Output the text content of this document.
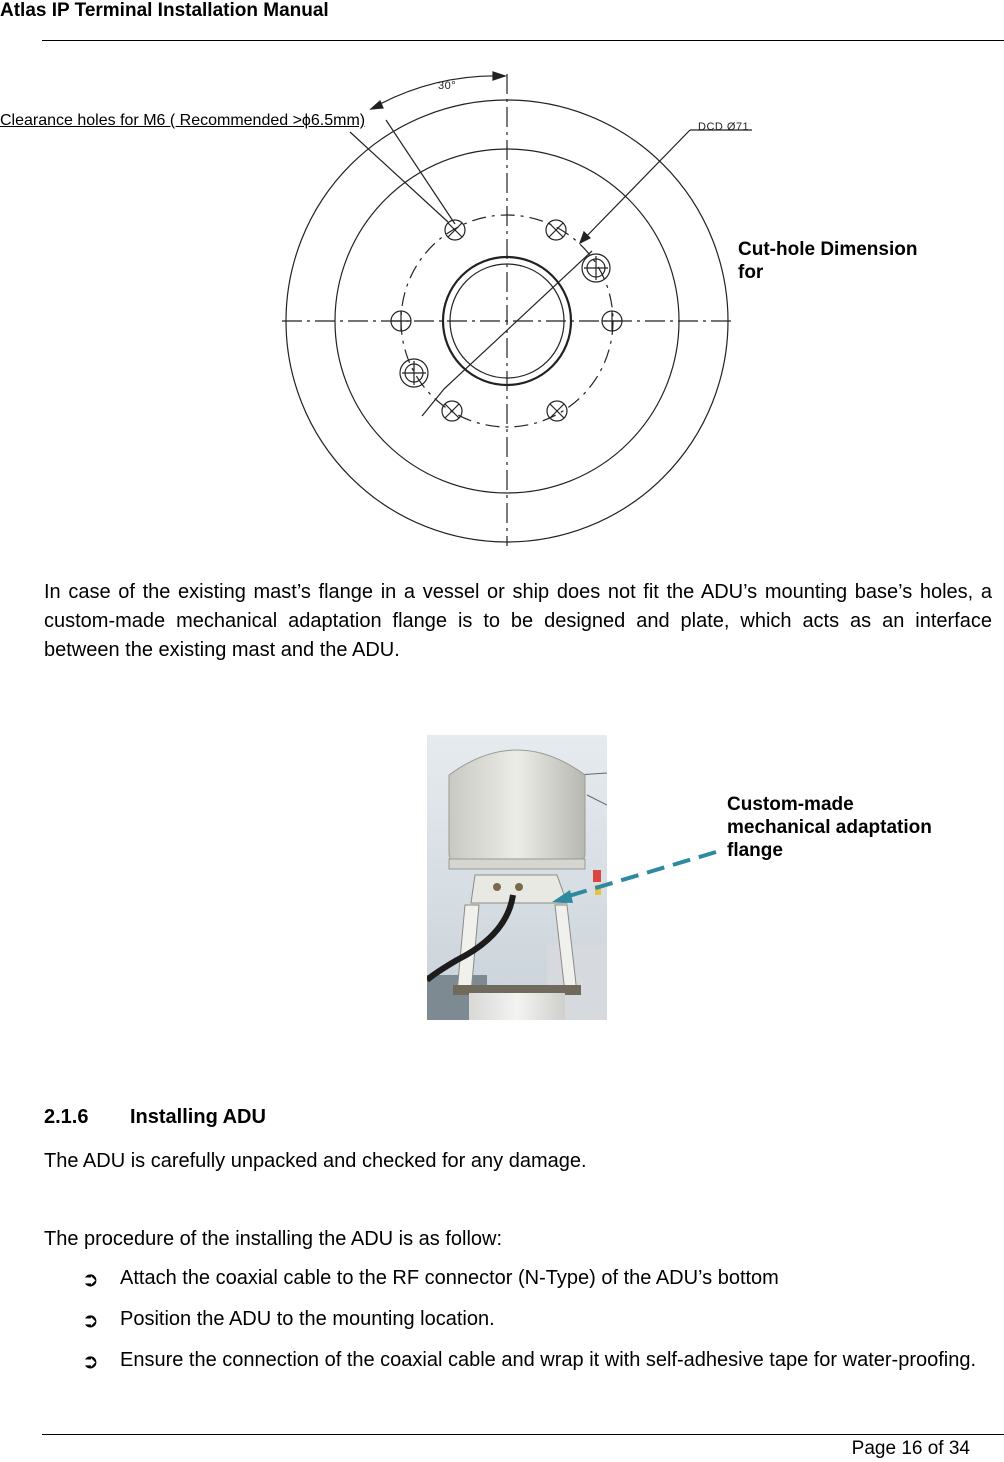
Atlas IP Terminal Installation Manual
30°
DCD Ø71
Clearance holes for M6 ( Recommended >ϕ6.5mm)
Cut-hole Dimension
for
In case of the existing mast’s flange in a vessel or ship does not fit the ADU’s mounting base’s holes, a custom-made mechanical adaptation flange is to be designed and plate, which acts as an interface between the existing mast and the ADU.
Custom-made
mechanical adaptation
flange
2.1.6 Installing ADU
The ADU is carefully unpacked and checked for any damage.
The procedure of the installing the ADU is as follow:
➲ Attach the coaxial cable to the RF connector (N-Type) of the ADU’s bottom
➲ Position the ADU to the mounting location.
➲ Ensure the connection of the coaxial cable and wrap it with self-adhesive tape for water-proofing.
Page 16 of 34
